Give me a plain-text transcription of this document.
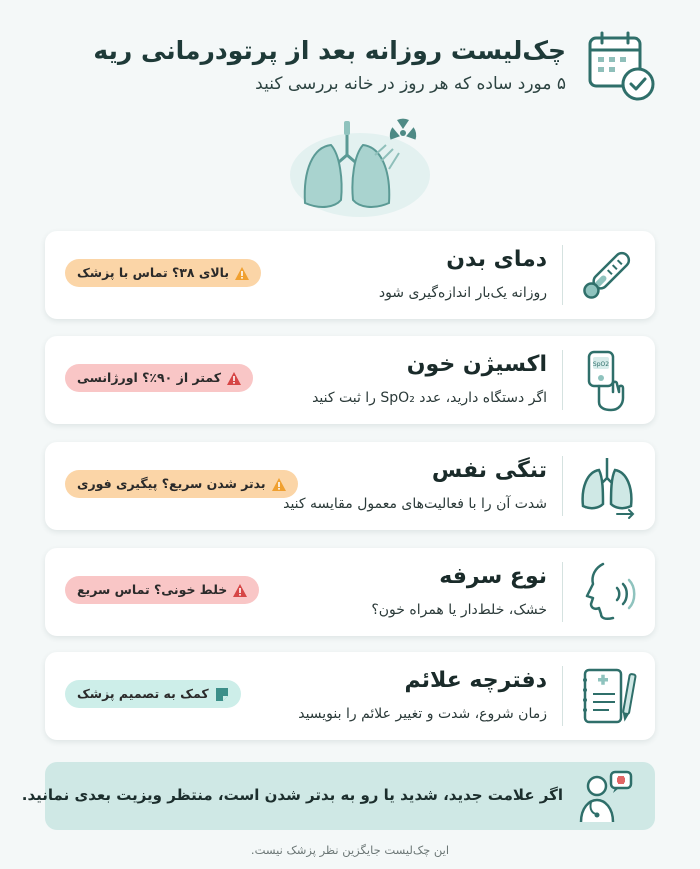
چک‌لیست روزانه بعد از پرتودرمانی ریه
۵ مورد ساده که هر روز در خانه بررسی کنید
دمای بدن
روزانه یک‌بار اندازه‌گیری شود
بالای ۳۸؟ تماس با پزشک
SpO2
اکسیژن خون
اگر دستگاه دارید، عدد SpO₂ را ثبت کنید
کمتر از ۹۰٪؟ اورژانسی
تنگی نفس
شدت آن را با فعالیت‌های معمول مقایسه کنید
بدتر شدن سریع؟ پیگیری فوری
نوع سرفه
خشک، خلط‌دار یا همراه خون؟
خلط خونی؟ تماس سریع
دفترچه علائم
زمان شروع، شدت و تغییر علائم را بنویسید
کمک به تصمیم پزشک
اگر علامت جدید، شدید یا رو به بدتر شدن است، منتظر ویزیت بعدی نمانید.
این چک‌لیست جایگزین نظر پزشک نیست.
